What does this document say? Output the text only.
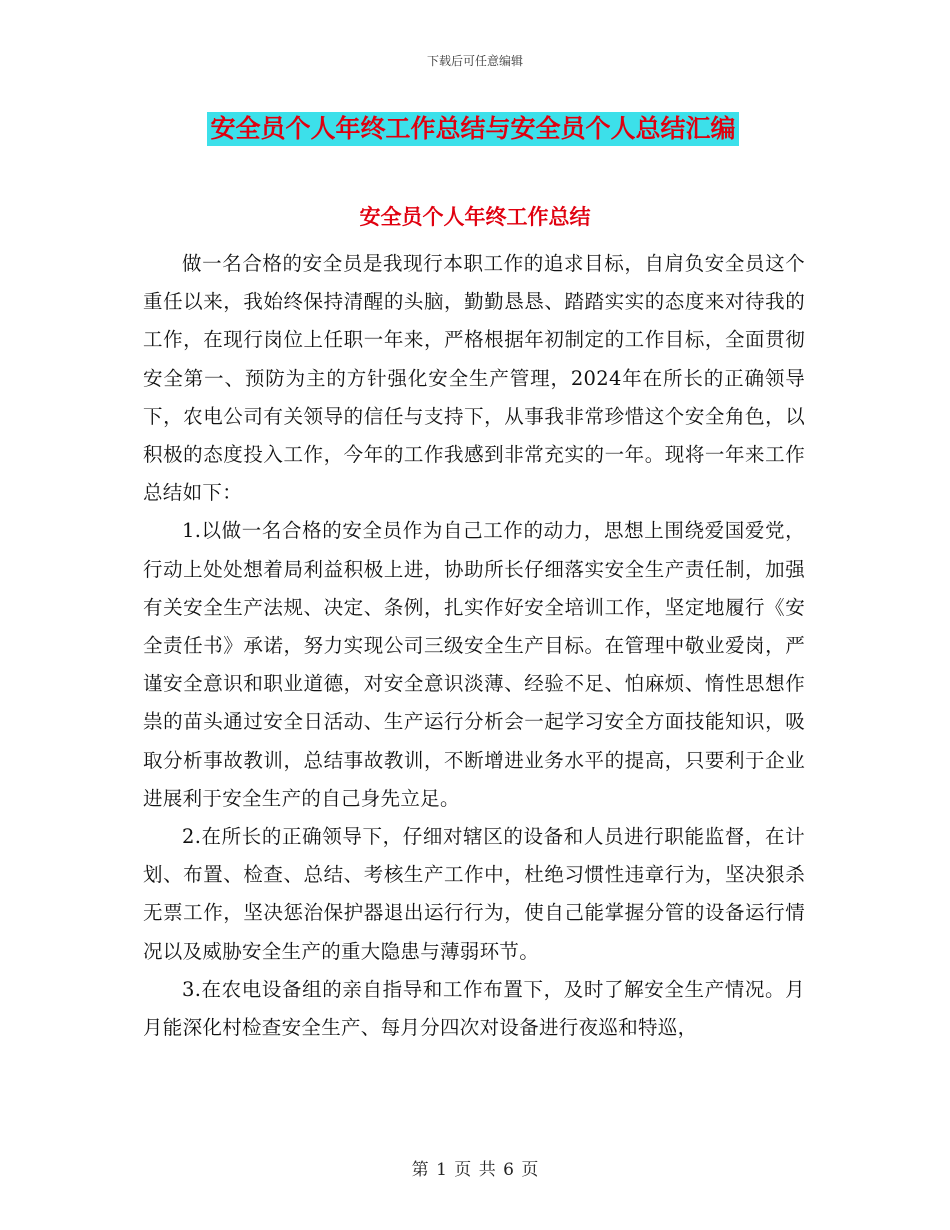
下载后可任意编辑
安全员个人年终工作总结与安全员个人总结汇编
安全员个人年终工作总结

做一名合格的安全员是我现行本职工作的追求目标，自肩负安全员这个重任以来，我始终保持清醒的头脑，勤勤恳恳、踏踏实实的态度来对待我的工作，在现行岗位上任职一年来，严格根据年初制定的工作目标，全面贯彻安全第一、预防为主的方针强化安全生产管理，2024年在所长的正确领导下，农电公司有关领导的信任与支持下，从事我非常珍惜这个安全角色，以积极的态度投入工作，今年的工作我感到非常充实的一年。现将一年来工作总结如下：

1.以做一名合格的安全员作为自己工作的动力，思想上围绕爱国爱党，行动上处处想着局利益积极上进，协助所长仔细落实安全生产责任制，加强有关安全生产法规、决定、条例，扎实作好安全培训工作，坚定地履行《安全责任书》承诺，努力实现公司三级安全生产目标。在管理中敬业爱岗，严谨安全意识和职业道德，对安全意识淡薄、经验不足、怕麻烦、惰性思想作祟的苗头通过安全日活动、生产运行分析会一起学习安全方面技能知识，吸取分析事故教训，总结事故教训，不断增进业务水平的提高，只要利于企业进展利于安全生产的自己身先立足。

2.在所长的正确领导下，仔细对辖区的设备和人员进行职能监督，在计划、布置、检查、总结、考核生产工作中，杜绝习惯性违章行为，坚决狠杀无票工作，坚决惩治保护器退出运行行为，使自己能掌握分管的设备运行情况以及威胁安全生产的重大隐患与薄弱环节。

3.在农电设备组的亲自指导和工作布置下，及时了解安全生产情况。月月能深化村检查安全生产、每月分四次对设备进行夜巡和特巡，

第 1 页 共 6 页
